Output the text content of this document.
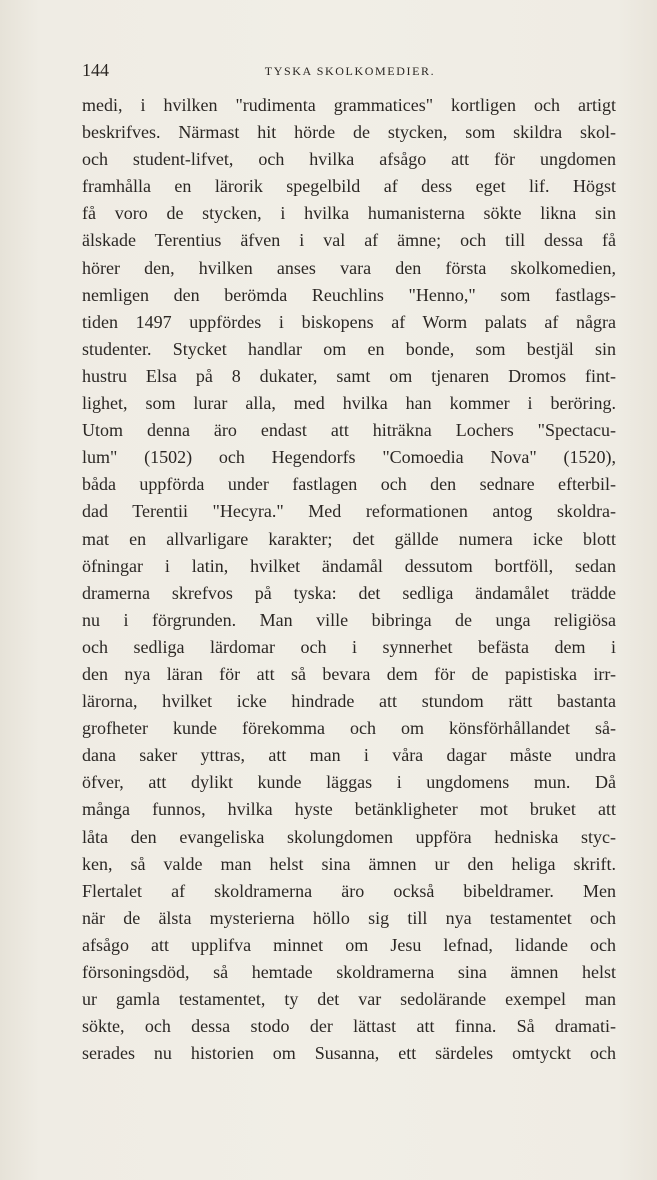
144	TYSKA SKOLKOMEDIER.
medi, i hvilken "rudimenta grammatices" kortligen och artigt
beskrifves. Närmast hit hörde de stycken, som skildra skol-
och student-lifvet, och hvilka afsågo att för ungdomen
framhålla en lärorik spegelbild af dess eget lif. Högst
få voro de stycken, i hvilka humanisterna sökte likna sin
älskade Terentius äfven i val af ämne; och till dessa få
hörer den, hvilken anses vara den första skolkomedien,
nemligen den berömda Reuchlins "Henno," som fastlags-
tiden 1497 uppfördes i biskopens af Worm palats af några
studenter. Stycket handlar om en bonde, som bestjäl sin
hustru Elsa på 8 dukater, samt om tjenaren Dromos fint-
lighet, som lurar alla, med hvilka han kommer i beröring.
Utom denna äro endast att hiträkna Lochers "Spectacu-
lum" (1502) och Hegendorfs "Comoedia Nova" (1520),
båda uppförda under fastlagen och den sednare efterbil-
dad Terentii "Hecyra." Med reformationen antog skoldra-
mat en allvarligare karakter; det gällde numera icke blott
öfningar i latin, hvilket ändamål dessutom bortföll, sedan
dramerna skrefvos på tyska: det sedliga ändamålet trädde
nu i förgrunden. Man ville bibringa de unga religiösa
och sedliga lärdomar och i synnerhet befästa dem i
den nya läran för att så bevara dem för de papistiska irr-
lärorna, hvilket icke hindrade att stundom rätt bastanta
grofheter kunde förekomma och om könsförhållandet så-
dana saker yttras, att man i våra dagar måste undra
öfver, att dylikt kunde läggas i ungdomens mun. Då
många funnos, hvilka hyste betänkligheter mot bruket att
låta den evangeliska skolungdomen uppföra hedniska styc-
ken, så valde man helst sina ämnen ur den heliga skrift.
Flertalet af skoldramerna äro också bibeldramer. Men
när de älsta mysterierna höllo sig till nya testamentet och
afsågo att upplifva minnet om Jesu lefnad, lidande och
försoningsdöd, så hemtade skoldramerna sina ämnen helst
ur gamla testamentet, ty det var sedolärande exempel man
sökte, och dessa stodo der lättast att finna. Så dramati-
serades nu historien om Susanna, ett särdeles omtyckt och
